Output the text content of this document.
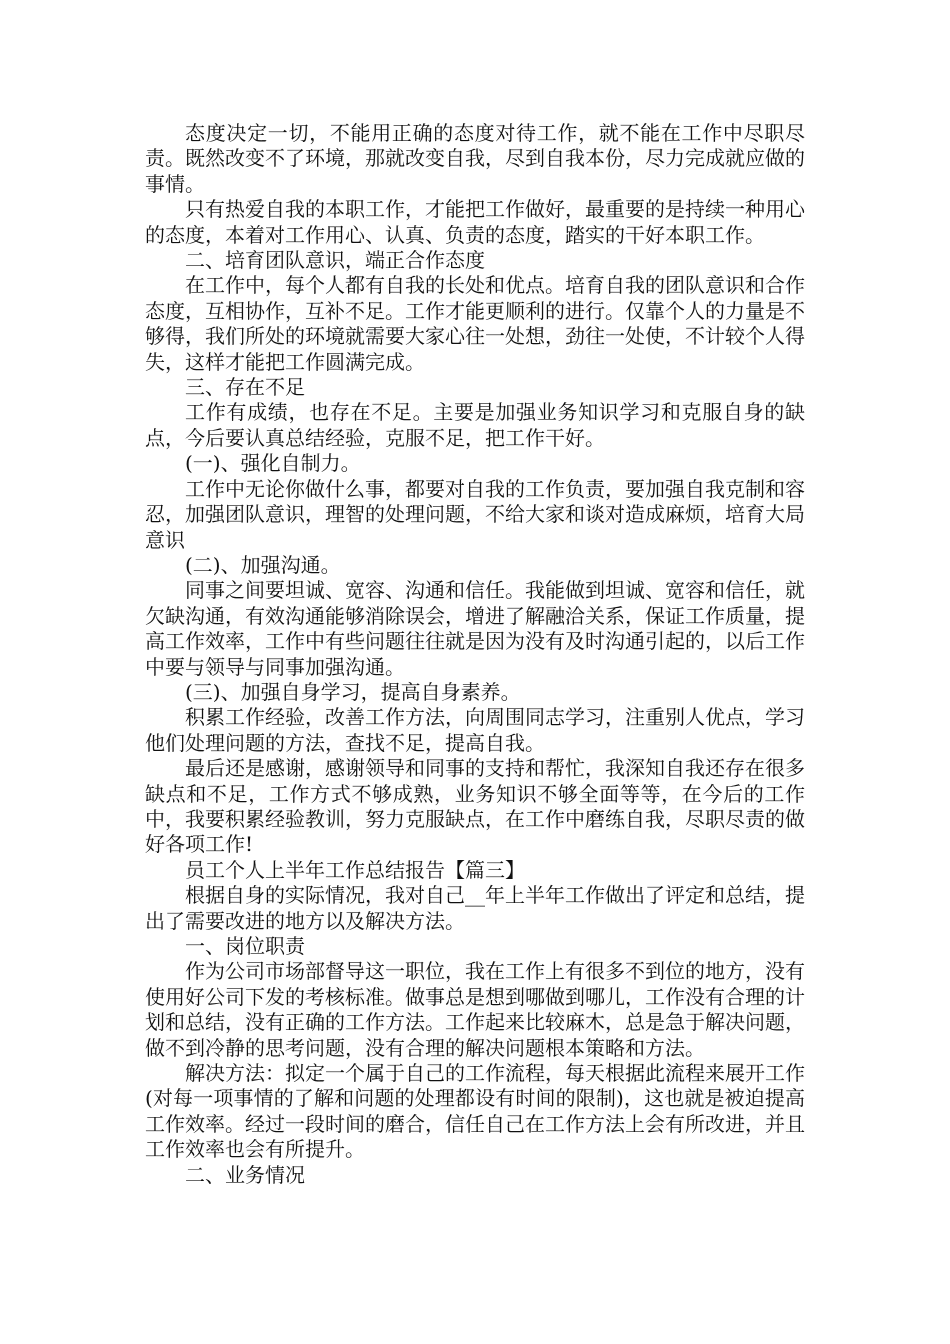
态度决定一切，不能用正确的态度对待工作，就不能在工作中尽职尽责。既然改变不了环境，那就改变自我，尽到自我本份，尽力完成就应做的事情。

只有热爱自我的本职工作，才能把工作做好，最重要的是持续一种用心的态度，本着对工作用心、认真、负责的态度，踏实的干好本职工作。

二、培育团队意识，端正合作态度

在工作中，每个人都有自我的长处和优点。培育自我的团队意识和合作态度，互相协作，互补不足。工作才能更顺利的进行。仅靠个人的力量是不够得，我们所处的环境就需要大家心往一处想，劲往一处使，不计较个人得失，这样才能把工作圆满完成。

三、存在不足

工作有成绩，也存在不足。主要是加强业务知识学习和克服自身的缺点，今后要认真总结经验，克服不足，把工作干好。

(一)、强化自制力。

工作中无论你做什么事，都要对自我的工作负责，要加强自我克制和容忍，加强团队意识，理智的处理问题，不给大家和谈对造成麻烦，培育大局意识

(二)、加强沟通。

同事之间要坦诚、宽容、沟通和信任。我能做到坦诚、宽容和信任，就欠缺沟通，有效沟通能够消除误会，增进了解融洽关系，保证工作质量，提高工作效率，工作中有些问题往往就是因为没有及时沟通引起的，以后工作中要与领导与同事加强沟通。

(三)、加强自身学习，提高自身素养。

积累工作经验，改善工作方法，向周围同志学习，注重别人优点，学习他们处理问题的方法，查找不足，提高自我。

最后还是感谢，感谢领导和同事的支持和帮忙，我深知自我还存在很多缺点和不足，工作方式不够成熟，业务知识不够全面等等，在今后的工作中，我要积累经验教训，努力克服缺点，在工作中磨练自我，尽职尽责的做好各项工作!

员工个人上半年工作总结报告【篇三】

根据自身的实际情况，我对自己__年上半年工作做出了评定和总结，提出了需要改进的地方以及解决方法。

一、岗位职责

作为公司市场部督导这一职位，我在工作上有很多不到位的地方，没有使用好公司下发的考核标准。做事总是想到哪做到哪儿，工作没有合理的计划和总结，没有正确的工作方法。工作起来比较麻木，总是急于解决问题，做不到冷静的思考问题，没有合理的解决问题根本策略和方法。

解决方法：拟定一个属于自己的工作流程，每天根据此流程来展开工作(对每一项事情的了解和问题的处理都设有时间的限制)，这也就是被迫提高工作效率。经过一段时间的磨合，信任自己在工作方法上会有所改进，并且工作效率也会有所提升。

二、业务情况
